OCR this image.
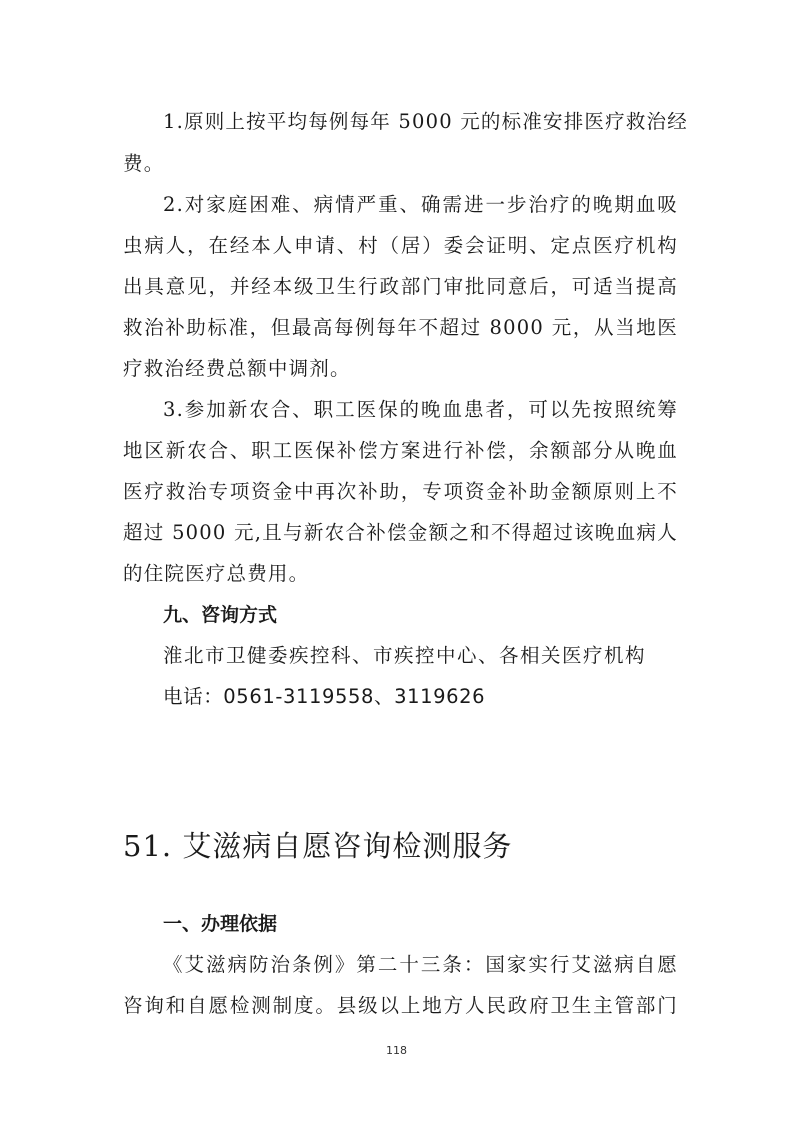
1.原则上按平均每例每年 5000 元的标准安排医疗救治经
费。
2.对家庭困难、病情严重、确需进一步治疗的晚期血吸
虫病人，在经本人申请、村（居）委会证明、定点医疗机构
出具意见，并经本级卫生行政部门审批同意后，可适当提高
救治补助标准，但最高每例每年不超过 8000 元，从当地医
疗救治经费总额中调剂。
3.参加新农合、职工医保的晚血患者，可以先按照统筹
地区新农合、职工医保补偿方案进行补偿，余额部分从晚血
医疗救治专项资金中再次补助，专项资金补助金额原则上不
超过 5000 元,且与新农合补偿金额之和不得超过该晚血病人
的住院医疗总费用。
九、咨询方式
淮北市卫健委疾控科、市疾控中心、各相关医疗机构
电话：0561-3119558、3119626
51. 艾滋病自愿咨询检测服务
一、办理依据
《艾滋病防治条例》第二十三条：国家实行艾滋病自愿
咨询和自愿检测制度。县级以上地方人民政府卫生主管部门
118
